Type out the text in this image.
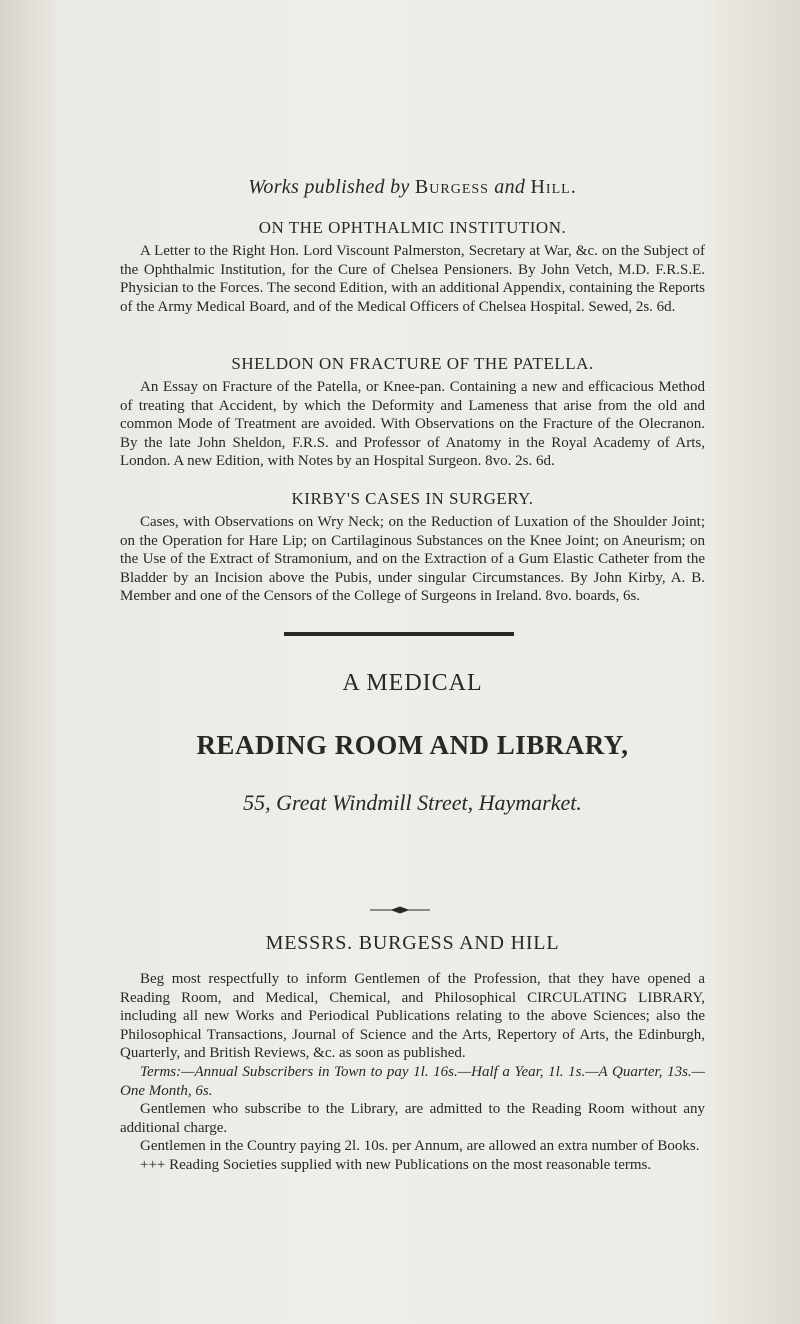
Works published by Burgess and Hill.

ON THE OPHTHALMIC INSTITUTION.

A Letter to the Right Hon. Lord Viscount Palmerston, Secretary at War, &c. on the Subject of the Ophthalmic Institution, for the Cure of Chelsea Pensioners. By John Vetch, M.D. F.R.S.E. Physician to the Forces. The second Edition, with an additional Appendix, containing the Reports of the Army Medical Board, and of the Medical Officers of Chelsea Hospital. Sewed, 2s. 6d.

SHELDON ON FRACTURE OF THE PATELLA.

An Essay on Fracture of the Patella, or Knee-pan. Containing a new and efficacious Method of treating that Accident, by which the Deformity and Lameness that arise from the old and common Mode of Treatment are avoided. With Observations on the Fracture of the Olecranon. By the late John Sheldon, F.R.S. and Professor of Anatomy in the Royal Academy of Arts, London. A new Edition, with Notes by an Hospital Surgeon. 8vo. 2s. 6d.

KIRBY'S CASES IN SURGERY.

Cases, with Observations on Wry Neck; on the Reduction of Luxation of the Shoulder Joint; on the Operation for Hare Lip; on Cartilaginous Substances on the Knee Joint; on Aneurism; on the Use of the Extract of Stramonium, and on the Extraction of a Gum Elastic Catheter from the Bladder by an Incision above the Pubis, under singular Circumstances. By John Kirby, A. B. Member and one of the Censors of the College of Surgeons in Ireland. 8vo. boards, 6s.

A MEDICAL

READING ROOM AND LIBRARY,

55, Great Windmill Street, Haymarket.

MESSRS. BURGESS AND HILL

Beg most respectfully to inform Gentlemen of the Profession, that they have opened a Reading Room, and Medical, Chemical, and Philosophical CIRCULATING LIBRARY, including all new Works and Periodical Publications relating to the above Sciences; also the Philosophical Transactions, Journal of Science and the Arts, Repertory of Arts, the Edinburgh, Quarterly, and British Reviews, &c. as soon as published.

Terms:—Annual Subscribers in Town to pay 1l. 16s.—Half a Year, 1l. 1s.—A Quarter, 13s.—One Month, 6s.

Gentlemen who subscribe to the Library, are admitted to the Reading Room without any additional charge.

Gentlemen in the Country paying 2l. 10s. per Annum, are allowed an extra number of Books.

+++ Reading Societies supplied with new Publications on the most reasonable terms.
